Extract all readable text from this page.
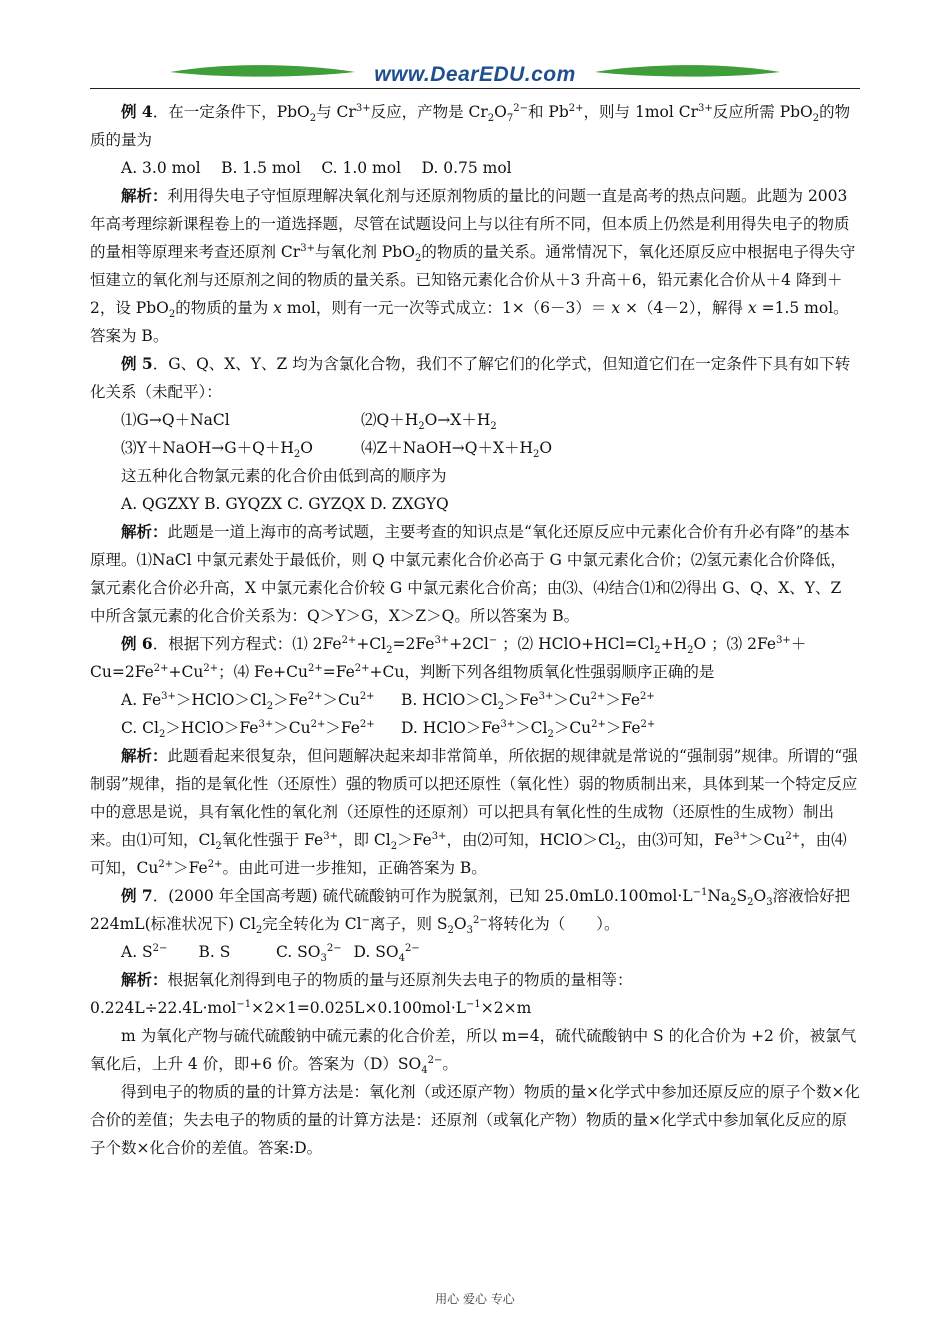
www.DearEDU.com

例 4．在一定条件下，PbO$_2$与 $Cr^{3+}$反应，产物是 $Cr_2O_7^{2-}$和 $Pb^{2+}$，则与 1mol $Cr^{3+}$反应所需 PbO$_2$的物质的量为

A. 3.0 mol　 B. 1.5 mol　 C. 1.0 mol　 D. 0.75 mol

解析：利用得失电子守恒原理解决氧化剂与还原剂物质的量比的问题一直是高考的热点问题。此题为 2003 年高考理综新课程卷上的一道选择题，尽管在试题设问上与以往有所不同，但本质上仍然是利用得失电子的物质的量相等原理来考查还原剂 $Cr^{3+}$与氧化剂 PbO$_2$的物质的量关系。通常情况下，氧化还原反应中根据电子得失守恒建立的氧化剂与还原剂之间的物质的量关系。已知铬元素化合价从＋3 升高＋6，铅元素化合价从＋4 降到＋2，设 PbO$_2$的物质的量为 x mol，则有一元一次等式成立：1×（6－3）＝ x ×（4－2），解得 x =1.5 mol。答案为 B。

例 5．G、Q、X、Y、Z 均为含氯化合物，我们不了解它们的化学式，但知道它们在一定条件下具有如下转化关系（未配平）：

⑴G→Q＋NaCl	$⑵Q+H_2O\to X+H_2$

$⑶Y+NaOH\to G+Q+H_2O$	$⑷Z+NaOH\to Q+X+H_2O$

这五种化合物氯元素的化合价由低到高的顺序为

A. QGZXY B. GYQZX C. GYZQX D. ZXGYQ

解析：此题是一道上海市的高考试题，主要考查的知识点是“氧化还原反应中元素化合价有升必有降”的基本原理。⑴NaCl 中氯元素处于最低价，则 Q 中氯元素化合价必高于 G 中氯元素化合价；⑵氢元素化合价降低，氯元素化合价必升高，X 中氯元素化合价较 G 中氯元素化合价高；由⑶、⑷结合⑴和⑵得出 G、Q、X、Y、Z 中所含氯元素的化合价关系为：Q＞Y＞G，X＞Z＞Q。所以答案为 B。

例 6．根据下列方程式：⑴ $2Fe^{2+}+Cl_2=2Fe^{3+}+2Cl^-$ ；⑵ $HClO+HCl=Cl_2+H_2O$ ；⑶ $2Fe^{3+}+Cu=2Fe^{2+}+Cu^{2+}$；⑷ $Fe+Cu^{2+}=Fe^{2+}+Cu$，判断下列各组物质氧化性强弱顺序正确的是

A. $Fe^{3+}>HClO>Cl_2>Fe^{2+}>Cu^{2+}$ B. $HClO>Cl_2>Fe^{3+}>Cu^{2+}>Fe^{2+}$

C. $Cl_2>HClO>Fe^{3+}>Cu^{2+}>Fe^{2+}$ D. $HClO>Fe^{3+}>Cl_2>Cu^{2+}>Fe^{2+}$

解析：此题看起来很复杂，但问题解决起来却非常简单，所依据的规律就是常说的“强制弱”规律。所谓的“强制弱”规律，指的是氧化性（还原性）强的物质可以把还原性（氧化性）弱的物质制出来，具体到某一个特定反应中的意思是说，具有氧化性的氧化剂（还原性的还原剂）可以把具有氧化性的生成物（还原性的生成物）制出来。由⑴可知，$Cl_2$氧化性强于 $Fe^{3+}$，即 $Cl_2>Fe^{3+}$，由⑵可知，$HClO>Cl_2$，由⑶可知，$Fe^{3+}>Cu^{2+}$，由⑷可知，$Cu^{2+}>Fe^{2+}$。由此可进一步推知，正确答案为 B。

例 7．(2000 年全国高考题) 硫代硫酸钠可作为脱氯剂，已知 $25.0mL0.100mol\cdot L^{-1}Na_2S_2O_3$溶液恰好把 224mL(标准状况下) $Cl_2$完全转化为 Cl−离子，则 $S_2O_3^{2-}$将转化为（　　）。

A. $S^{2-}$ B. S	C. $SO_3^{2-}$ D. $SO_4^{2-}$

解析：根据氧化剂得到电子的物质的量与还原剂失去电子的物质的量相等：

$0.224L\div 22.4L\cdot mol^{-1}\times 2\times 1=0.025L\times 0.100mol\cdot L^{-1}\times 2\times m$

m 为氧化产物与硫代硫酸钠中硫元素的化合价差，所以 m=4，硫代硫酸钠中 S 的化合价为 +2 价，被氯气氧化后，上升 4 价，即+6 价。答案为$(D)SO_4^{2-}$。

得到电子的物质的量的计算方法是：氧化剂（或还原产物）物质的量×化学式中参加还原反应的原子个数×化合价的差值；失去电子的物质的量的计算方法是：还原剂（或氧化产物）物质的量×化学式中参加氧化反应的原子个数×化合价的差值。答案:D。

用心 爱心 专心
